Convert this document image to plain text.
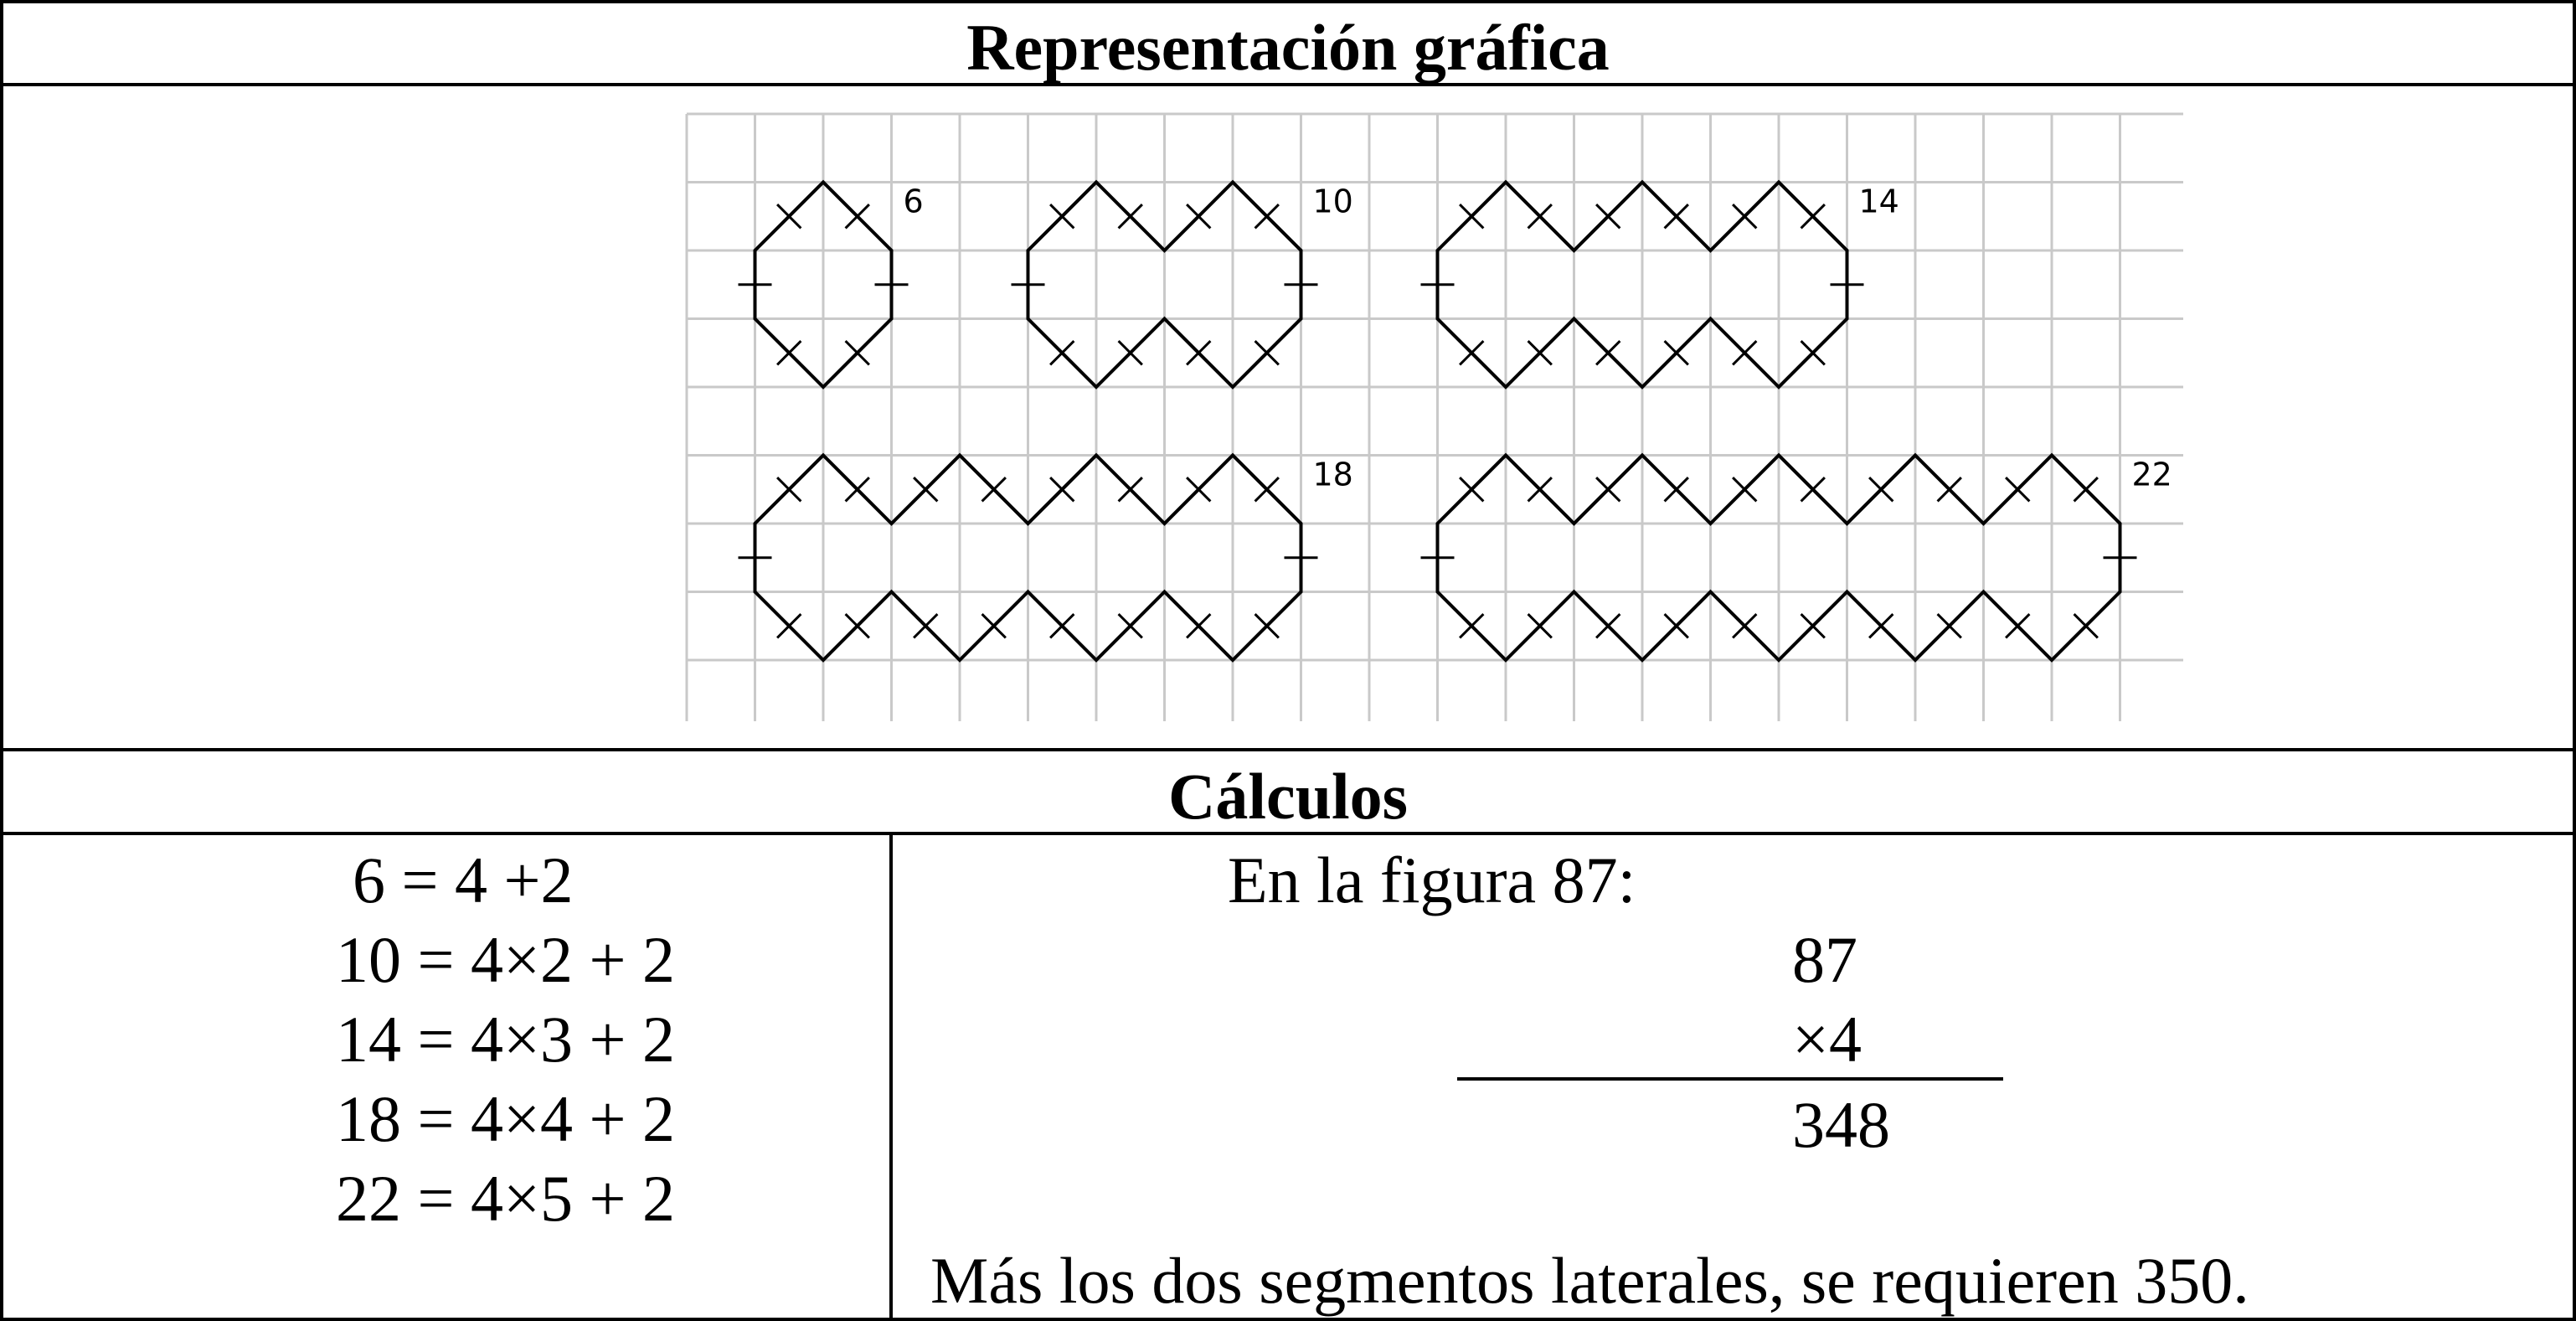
Representación gráfica
Cálculos
6	10	14
18	22
6 = 4 +2
10 = 4×2 + 2
14 = 4×3 + 2
18 = 4×4 + 2
22 = 4×5 + 2
En la figura 87:
87
×4
348
Más los dos segmentos laterales, se requieren 350.
